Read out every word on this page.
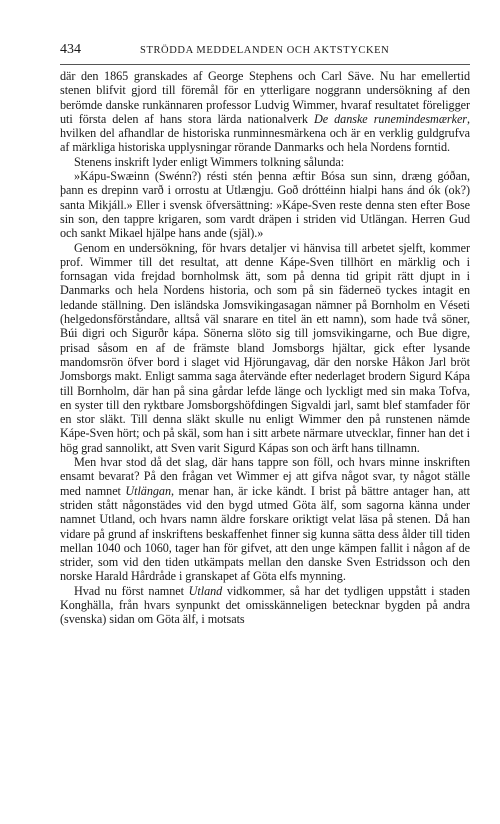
434	STRÖDDA MEDDELANDEN OCH AKTSTYCKEN

där den 1865 granskades af George Stephens och Carl Säve. Nu har emellertid stenen blifvit gjord till föremål för en ytterligare noggrann undersökning af den berömde danske runkännaren professor Ludvig Wimmer, hvaraf resultatet föreligger uti första delen af hans stora lärda nationalverk De danske runemindesmærker, hvilken del afhandlar de historiska runminnesmärkena och är en verklig guldgrufva af märkliga historiska upplysningar rörande Danmarks och hela Nordens forntid.

Stenens inskrift lyder enligt Wimmers tolkning sålunda:

»Kápu-Swæinn (Swénn?) résti stén þenna æftir Bósa sun sinn, dræng góðan, þann es drepinn varð i orrostu at Utlængju. Goð dróttéinn hialpi hans ánd ók (ok?) santa Mikjáll.» Eller i svensk öfversättning: »Kápe-Sven reste denna sten efter Bose sin son, den tappre krigaren, som vardt dräpen i striden vid Utlängan. Herren Gud och sankt Mikael hjälpe hans ande (själ).»

Genom en undersökning, för hvars detaljer vi hänvisa till arbetet sjelft, kommer prof. Wimmer till det resultat, att denne Kápe-Sven tillhört en märklig och i fornsagan vida frejdad bornholmsk ätt, som på denna tid gripit rätt djupt in i Danmarks och hela Nordens historia, och som på sin fäderneö tyckes intagit en ledande ställning. Den isländska Jomsvikingasagan nämner på Bornholm en Véseti (helgedonsförståndare, alltså väl snarare en titel än ett namn), som hade två söner, Búi digri och Sigurðr kápa. Sönerna slöto sig till jomsvikingarne, och Bue digre, prisad såsom en af de främste bland Jomsborgs hjältar, gick efter lysande mandomsrön öfver bord i slaget vid Hjörungavag, där den norske Håkon Jarl bröt Jomsborgs makt. Enligt samma saga återvände efter nederlaget brodern Sigurd Kápa till Bornholm, där han på sina gårdar lefde länge och lyckligt med sin maka Tofva, en syster till den ryktbare Jomsborgshöfdingen Sigvaldi jarl, samt blef stamfader för en stor släkt. Till denna släkt skulle nu enligt Wimmer den på runstenen nämde Kápe-Sven hört; och på skäl, som han i sitt arbete närmare utvecklar, finner han det i hög grad sannolikt, att Sven varit Sigurd Kápas son och ärft hans tillnamn.

Men hvar stod då det slag, där hans tappre son föll, och hvars minne inskriften ensamt bevarat? På den frågan vet Wimmer ej att gifva något svar, ty något ställe med namnet Utlängan, menar han, är icke kändt. I brist på bättre antager han, att striden stått någonstädes vid den bygd utmed Göta älf, som sagorna känna under namnet Utland, och hvars namn äldre forskare oriktigt velat läsa på stenen. Då han vidare på grund af inskriftens beskaffenhet finner sig kunna sätta dess ålder till tiden mellan 1040 och 1060, tager han för gifvet, att den unge kämpen fallit i någon af de strider, som vid den tiden utkämpats mellan den danske Sven Estridsson och den norske Harald Hårdråde i granskapet af Göta elfs mynning.

Hvad nu först namnet Utland vidkommer, så har det tydligen uppstått i staden Konghälla, från hvars synpunkt det omisskänneligen betecknar bygden på andra (svenska) sidan om Göta älf, i motsats
